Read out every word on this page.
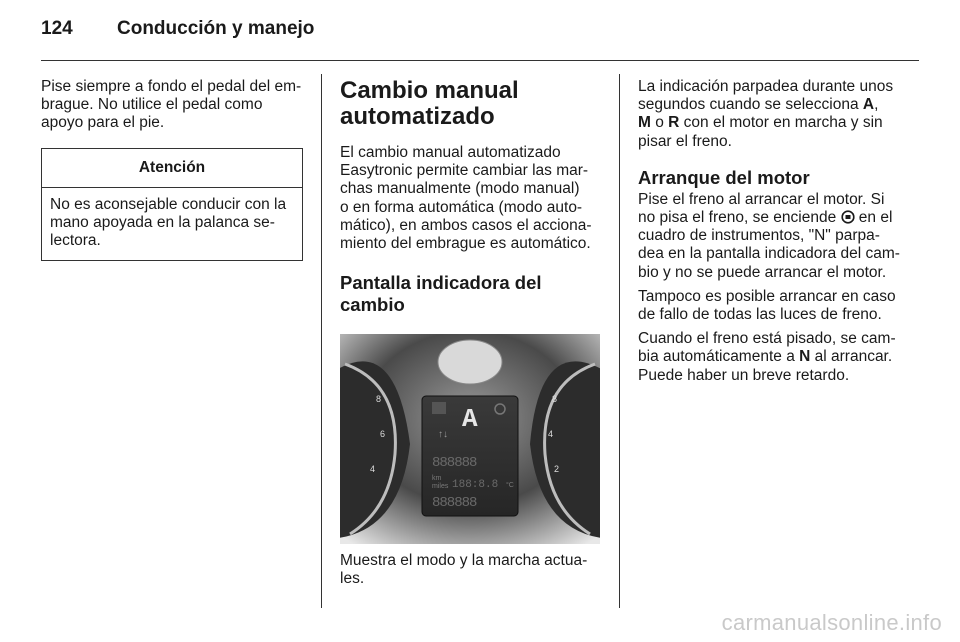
124	Conducción y manejo

Pise siempre a fondo el pedal del em-
brague. No utilice el pedal como
apoyo para el pie.

Atención
No es aconsejable conducir con la
mano apoyada en la palanca se-
lectora.
Cambio manual
automatizado

El cambio manual automatizado
Easytronic permite cambiar las mar-
chas manualmente (modo manual)
o en forma automática (modo auto-
mático), en ambos casos el acciona-
miento del embrague es automático.

Pantalla indicadora del cambio
8
6
4
8
4
2
A
↑↓
888888
km
miles 188:8.8 °C
888888

Muestra el modo y la marcha actua-
les.

La indicación parpadea durante unos
segundos cuando se selecciona A,
M o R con el motor en marcha y sin
pisar el freno.

Arranque del motor

Pise el freno al arrancar el motor. Si
no pisa el freno, se enciende  en el
cuadro de instrumentos, "N" parpa-
dea en la pantalla indicadora del cam-
bio y no se puede arrancar el motor.

Tampoco es posible arrancar en caso
de fallo de todas las luces de freno.

Cuando el freno está pisado, se cam-
bia automáticamente a N al arrancar.
Puede haber un breve retardo.

carmanualsonline.info
